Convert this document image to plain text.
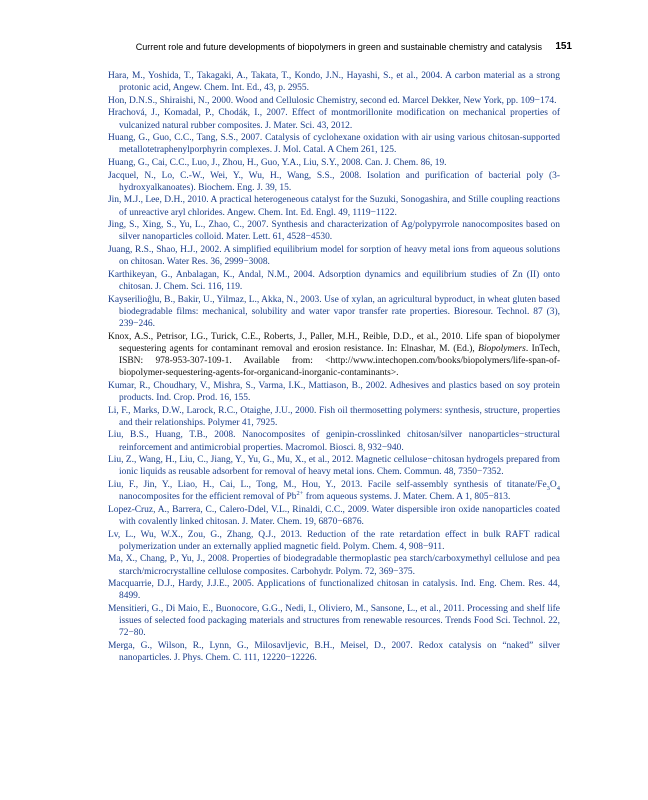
Current role and future developments of biopolymers in green and sustainable chemistry and catalysis 151

Hara, M., Yoshida, T., Takagaki, A., Takata, T., Kondo, J.N., Hayashi, S., et al., 2004. A carbon material as a strong protonic acid, Angew. Chem. Int. Ed., 43, p. 2955.

Hon, D.N.S., Shiraishi, N., 2000. Wood and Cellulosic Chemistry, second ed. Marcel Dekker, New York, pp. 109−174.

Hrachová, J., Komadal, P., Chodák, I., 2007. Effect of montmorillonite modification on mechanical properties of vulcanized natural rubber composites. J. Mater. Sci. 43, 2012.

Huang, G., Guo, C.C., Tang, S.S., 2007. Catalysis of cyclohexane oxidation with air using various chitosan-supported metallotetraphenylporphyrin complexes. J. Mol. Catal. A Chem 261, 125.

Huang, G., Cai, C.C., Luo, J., Zhou, H., Guo, Y.A., Liu, S.Y., 2008. Can. J. Chem. 86, 19.

Jacquel, N., Lo, C.-W., Wei, Y., Wu, H., Wang, S.S., 2008. Isolation and purification of bacterial poly (3-hydroxyalkanoates). Biochem. Eng. J. 39, 15.

Jin, M.J., Lee, D.H., 2010. A practical heterogeneous catalyst for the Suzuki, Sonogashira, and Stille coupling reactions of unreactive aryl chlorides. Angew. Chem. Int. Ed. Engl. 49, 1119−1122.

Jing, S., Xing, S., Yu, L., Zhao, C., 2007. Synthesis and characterization of Ag/polypyrrole nanocomposites based on silver nanoparticles colloid. Mater. Lett. 61, 4528−4530.

Juang, R.S., Shao, H.J., 2002. A simplified equilibrium model for sorption of heavy metal ions from aqueous solutions on chitosan. Water Res. 36, 2999−3008.

Karthikeyan, G., Anbalagan, K., Andal, N.M., 2004. Adsorption dynamics and equilibrium studies of Zn (II) onto chitosan. J. Chem. Sci. 116, 119.

Kayserilioĝlu, B., Bakir, U., Yilmaz, L., Akka, N., 2003. Use of xylan, an agricultural byproduct, in wheat gluten based biodegradable films: mechanical, solubility and water vapor transfer rate properties. Bioresour. Technol. 87 (3), 239−246.

Knox, A.S., Petrisor, I.G., Turick, C.E., Roberts, J., Paller, M.H., Reible, D.D., et al., 2010. Life span of biopolymer sequestering agents for contaminant removal and erosion resistance. In: Elnashar, M. (Ed.), Biopolymers. InTech, ISBN: 978-953-307-109-1. Available from: <http://www.intechopen.com/books/biopolymers/life-span-of-biopolymer-sequestering-agents-for-organicand-inorganic-contaminants>.

Kumar, R., Choudhary, V., Mishra, S., Varma, I.K., Mattiason, B., 2002. Adhesives and plastics based on soy protein products. Ind. Crop. Prod. 16, 155.

Li, F., Marks, D.W., Larock, R.C., Otaighe, J.U., 2000. Fish oil thermosetting polymers: synthesis, structure, properties and their relationships. Polymer 41, 7925.

Liu, B.S., Huang, T.B., 2008. Nanocomposites of genipin-crosslinked chitosan/silver nanoparticles−structural reinforcement and antimicrobial properties. Macromol. Biosci. 8, 932−940.

Liu, Z., Wang, H., Liu, C., Jiang, Y., Yu, G., Mu, X., et al., 2012. Magnetic cellulose−chitosan hydrogels prepared from ionic liquids as reusable adsorbent for removal of heavy metal ions. Chem. Commun. 48, 7350−7352.

Liu, F., Jin, Y., Liao, H., Cai, L., Tong, M., Hou, Y., 2013. Facile self-assembly synthesis of titanate/$Fe_3O_4$ nanocomposites for the efficient removal of $Pb^{2+}$ from aqueous systems. J. Mater. Chem. A 1, 805−813.

Lopez-Cruz, A., Barrera, C., Calero-Ddel, V.L., Rinaldi, C.C., 2009. Water dispersible iron oxide nanoparticles coated with covalently linked chitosan. J. Mater. Chem. 19, 6870−6876.

Lv, L., Wu, W.X., Zou, G., Zhang, Q.J., 2013. Reduction of the rate retardation effect in bulk RAFT radical polymerization under an externally applied magnetic field. Polym. Chem. 4, 908−911.

Ma, X., Chang, P., Yu, J., 2008. Properties of biodegradable thermoplastic pea starch/carboxymethyl cellulose and pea starch/microcrystalline cellulose composites. Carbohydr. Polym. 72, 369−375.

Macquarrie, D.J., Hardy, J.J.E., 2005. Applications of functionalized chitosan in catalysis. Ind. Eng. Chem. Res. 44, 8499.

Mensitieri, G., Di Maio, E., Buonocore, G.G., Nedi, I., Oliviero, M., Sansone, L., et al., 2011. Processing and shelf life issues of selected food packaging materials and structures from renewable resources. Trends Food Sci. Technol. 22, 72−80.

Merga, G., Wilson, R., Lynn, G., Milosavljevic, B.H., Meisel, D., 2007. Redox catalysis on “naked” silver nanoparticles. J. Phys. Chem. C. 111, 12220−12226.
